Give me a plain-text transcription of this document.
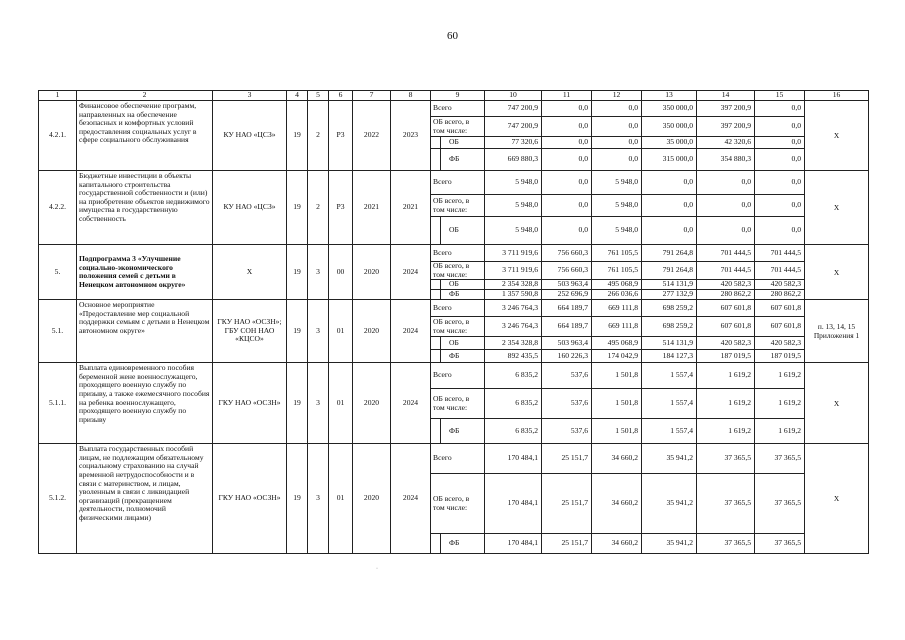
60
1	2	3	4	5	6	7	8	9		10	11	12	13	14	15	16	
4.2.1.	Финансовое обеспечение программ, направленных на обеспечение безопасных и комфортных условий предоставления социальных услуг в сфере социального обслуживания	КУ НАО «ЦСЗ»	19	2	Р3	2022	2023	Всего		747 200,9	0,0	0,0	350 000,0	397 200,9	0,0	Х	
								ОБ всего, в том числе:		747 200,9	0,0	0,0	350 000,0	397 200,9	0,0		
									ОБ	77 320,6	0,0	0,0	35 000,0	42 320,6	0,0		
									ФБ	669 880,3	0,0	0,0	315 000,0	354 880,3	0,0		
4.2.2.	Бюджетные инвестиции в объекты капитального строительства государственной собственности и (или) на приобретение объектов недвижимого имущества в государственную собственность	КУ НАО «ЦСЗ»	19	2	Р3	2021	2021	Всего		5 948,0	0,0	5 948,0	0,0	0,0	0,0	Х	
								ОБ всего, в том числе:		5 948,0	0,0	5 948,0	0,0	0,0	0,0		
									ОБ	5 948,0	0,0	5 948,0	0,0	0,0	0,0		
5.	Подпрограмма 3 «Улучшение социально-экономического положения семей с детьми в Ненецком автономном округе»	Х	19	3	00	2020	2024	Всего		3 711 919,6	756 660,3	761 105,5	791 264,8	701 444,5	701 444,5	Х	
								ОБ всего, в том числе:		3 711 919,6	756 660,3	761 105,5	791 264,8	701 444,5	701 444,5		
									ОБ	2 354 328,8	503 963,4	495 068,9	514 131,9	420 582,3	420 582,3		
									ФБ	1 357 590,8	252 696,9	266 036,6	277 132,9	280 862,2	280 862,2		
5.1.	Основное мероприятие «Предоставление мер социальной поддержки семьям с детьми в Ненецком автономном округе»	ГКУ НАО «ОСЗН»; ГБУ СОН НАО «КЦСО»	19	3	01	2020	2024	Всего		3 246 764,3	664 189,7	669 111,8	698 259,2	607 601,8	607 601,8	п. 13, 14, 15 Приложения 1	
								ОБ всего, в том числе:		3 246 764,3	664 189,7	669 111,8	698 259,2	607 601,8	607 601,8		
									ОБ	2 354 328,8	503 963,4	495 068,9	514 131,9	420 582,3	420 582,3		
									ФБ	892 435,5	160 226,3	174 042,9	184 127,3	187 019,5	187 019,5		
5.1.1.	Выплата единовременного пособия беременной жене военнослужащего, проходящего военную службу по призыву, а также ежемесячного пособия на ребенка военнослужащего, проходящего военную службу по призыву	ГКУ НАО «ОСЗН»	19	3	01	2020	2024	Всего		6 835,2	537,6	1 501,8	1 557,4	1 619,2	1 619,2	Х	
								ОБ всего, в том числе:		6 835,2	537,6	1 501,8	1 557,4	1 619,2	1 619,2		
									ФБ	6 835,2	537,6	1 501,8	1 557,4	1 619,2	1 619,2		
5.1.2.	Выплата государственных пособий лицам, не подлежащим обязательному социальному страхованию на случай временной нетрудоспособности и в связи с материнством, и лицам, уволенным в связи с ликвидацией организаций (прекращением деятельности, полномочий физическими лицами)	ГКУ НАО «ОСЗН»	19	3	01	2020	2024	Всего		170 484,1	25 151,7	34 660,2	35 941,2	37 365,5	37 365,5	Х	
								ОБ всего, в том числе:		170 484,1	25 151,7	34 660,2	35 941,2	37 365,5	37 365,5		
									ФБ	170 484,1	25 151,7	34 660,2	35 941,2	37 365,5	37 365,5		
·
